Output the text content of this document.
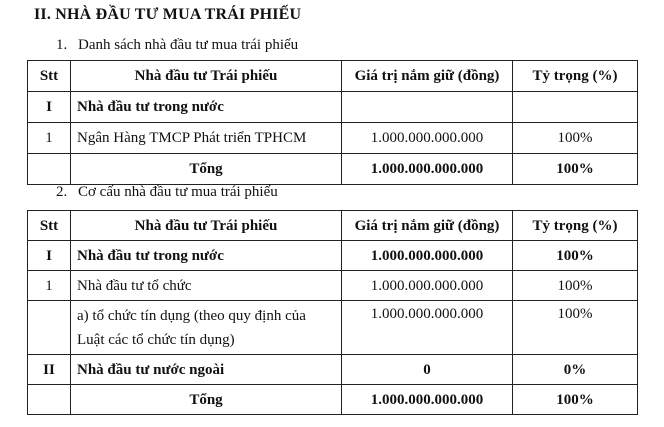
II. NHÀ ĐẦU TƯ MUA TRÁI PHIẾU
1. Danh sách nhà đầu tư mua trái phiếu
Stt	Nhà đầu tư Trái phiếu	Giá trị nắm giữ (đồng)	Tỷ trọng (%)
I	Nhà đầu tư trong nước		
1	Ngân Hàng TMCP Phát triển TPHCM	1.000.000.000.000	100%
	Tổng	1.000.000.000.000	100%
2. Cơ cấu nhà đầu tư mua trái phiếu
Stt	Nhà đầu tư Trái phiếu	Giá trị nắm giữ (đồng)	Tỷ trọng (%)
I	Nhà đầu tư trong nước	1.000.000.000.000	100%
1	Nhà đầu tư tổ chức	1.000.000.000.000	100%
	a) tổ chức tín dụng (theo quy định của Luật các tổ chức tín dụng)	1.000.000.000.000	100%
II	Nhà đầu tư nước ngoài	0	0%
	Tổng	1.000.000.000.000	100%
